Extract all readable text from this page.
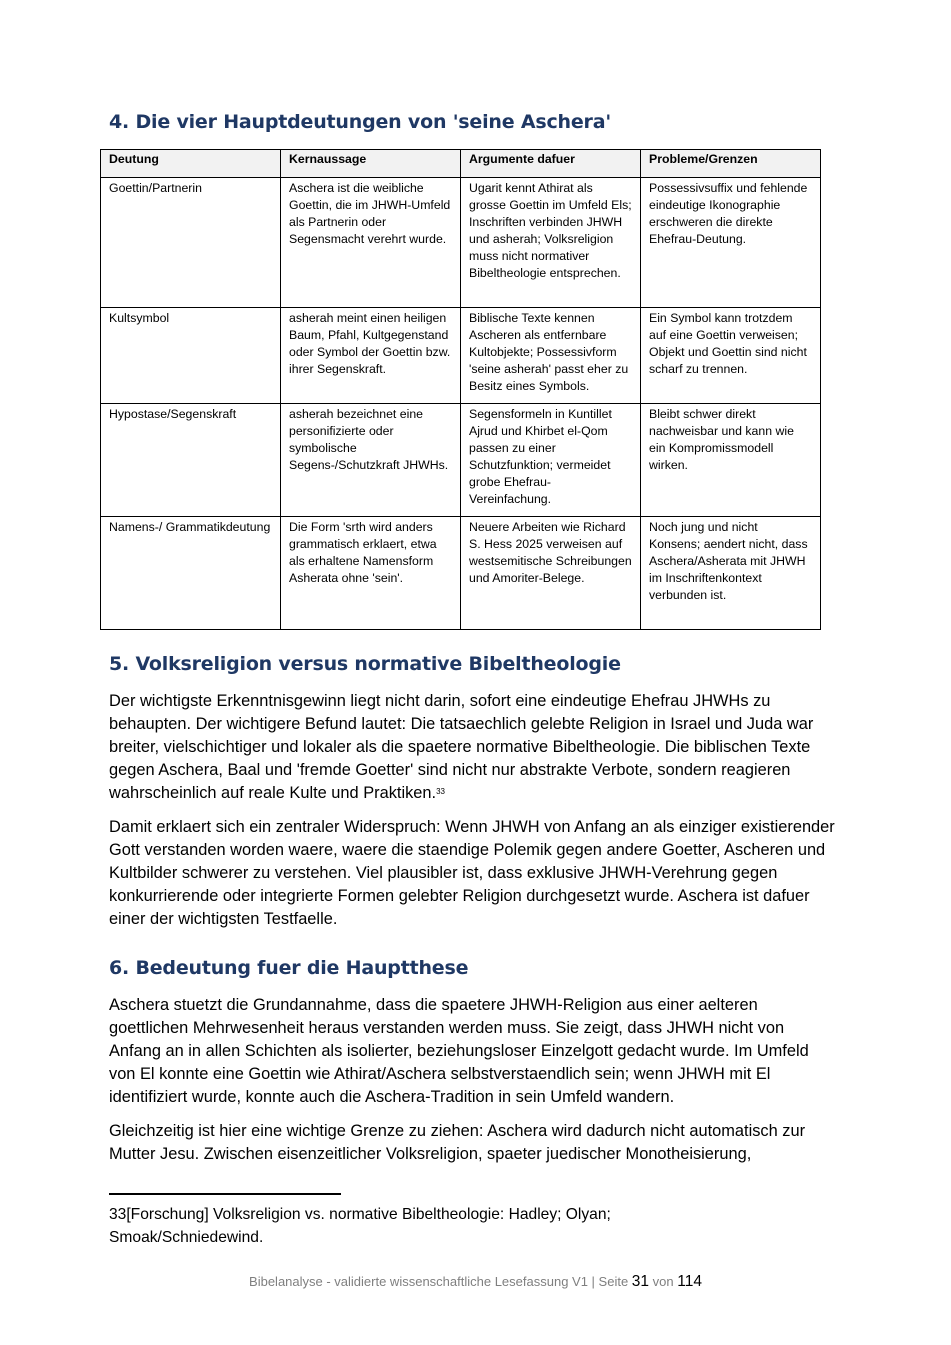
4. Die vier Hauptdeutungen von 'seine Aschera'
Deutung	Kernaussage	Argumente dafuer	Probleme/Grenzen
Goettin/Partnerin	Aschera ist die weibliche Goettin, die im JHWH-Umfeld als Partnerin oder Segensmacht verehrt wurde.	Ugarit kennt Athirat als grosse Goettin im Umfeld Els; Inschriften verbinden JHWH und asherah; Volksreligion muss nicht normativer Bibeltheologie entsprechen.	Possessivsuffix und fehlende eindeutige Ikonographie erschweren die direkte Ehefrau-Deutung.
Kultsymbol	asherah meint einen heiligen Baum, Pfahl, Kultgegenstand oder Symbol der Goettin bzw. ihrer Segenskraft.	Biblische Texte kennen Ascheren als entfernbare Kultobjekte; Possessivform 'seine asherah' passt eher zu Besitz eines Symbols.	Ein Symbol kann trotzdem auf eine Goettin verweisen; Objekt und Goettin sind nicht scharf zu trennen.
Hypostase/Segenskraft	asherah bezeichnet eine personifizierte oder symbolische Segens-/Schutzkraft JHWHs.	Segensformeln in Kuntillet Ajrud und Khirbet el-Qom passen zu einer Schutzfunktion; vermeidet grobe Ehefrau-Vereinfachung.	Bleibt schwer direkt nachweisbar und kann wie ein Kompromissmodell wirken.
Namens-/ Grammatikdeutung	Die Form 'srth wird anders grammatisch erklaert, etwa als erhaltene Namensform Asherata ohne 'sein'.	Neuere Arbeiten wie Richard S. Hess 2025 verweisen auf westsemitische Schreibungen und Amoriter-Belege.	Noch jung und nicht Konsens; aendert nicht, dass Aschera/Asherata mit JHWH im Inschriftenkontext verbunden ist.
5. Volksreligion versus normative Bibeltheologie

Der wichtigste Erkenntnisgewinn liegt nicht darin, sofort eine eindeutige Ehefrau JHWHs zu behaupten. Der wichtigere Befund lautet: Die tatsaechlich gelebte Religion in Israel und Juda war breiter, vielschichtiger und lokaler als die spaetere normative Bibeltheologie. Die biblischen Texte gegen Aschera, Baal und 'fremde Goetter' sind nicht nur abstrakte Verbote, sondern reagieren wahrscheinlich auf reale Kulte und Praktiken.$^{33}$

Damit erklaert sich ein zentraler Widerspruch: Wenn JHWH von Anfang an als einziger existierender Gott verstanden worden waere, waere die staendige Polemik gegen andere Goetter, Ascheren und Kultbilder schwerer zu verstehen. Viel plausibler ist, dass exklusive JHWH-Verehrung gegen konkurrierende oder integrierte Formen gelebter Religion durchgesetzt wurde. Aschera ist dafuer einer der wichtigsten Testfaelle.

6. Bedeutung fuer die Hauptthese

Aschera stuetzt die Grundannahme, dass die spaetere JHWH-Religion aus einer aelteren goettlichen Mehrwesenheit heraus verstanden werden muss. Sie zeigt, dass JHWH nicht von Anfang an in allen Schichten als isolierter, beziehungsloser Einzelgott gedacht wurde. Im Umfeld von El konnte eine Goettin wie Athirat/Aschera selbstverstaendlich sein; wenn JHWH mit El identifiziert wurde, konnte auch die Aschera-Tradition in sein Umfeld wandern.

Gleichzeitig ist hier eine wichtige Grenze zu ziehen: Aschera wird dadurch nicht automatisch zur Mutter Jesu. Zwischen eisenzeitlicher Volksreligion, spaeter juedischer Monotheisierung,

33[Forschung] Volksreligion vs. normative Bibeltheologie: Hadley; Olyan; Smoak/Schniedewind.

Bibelanalyse - validierte wissenschaftliche Lesefassung V1 | Seite 31 von 114
